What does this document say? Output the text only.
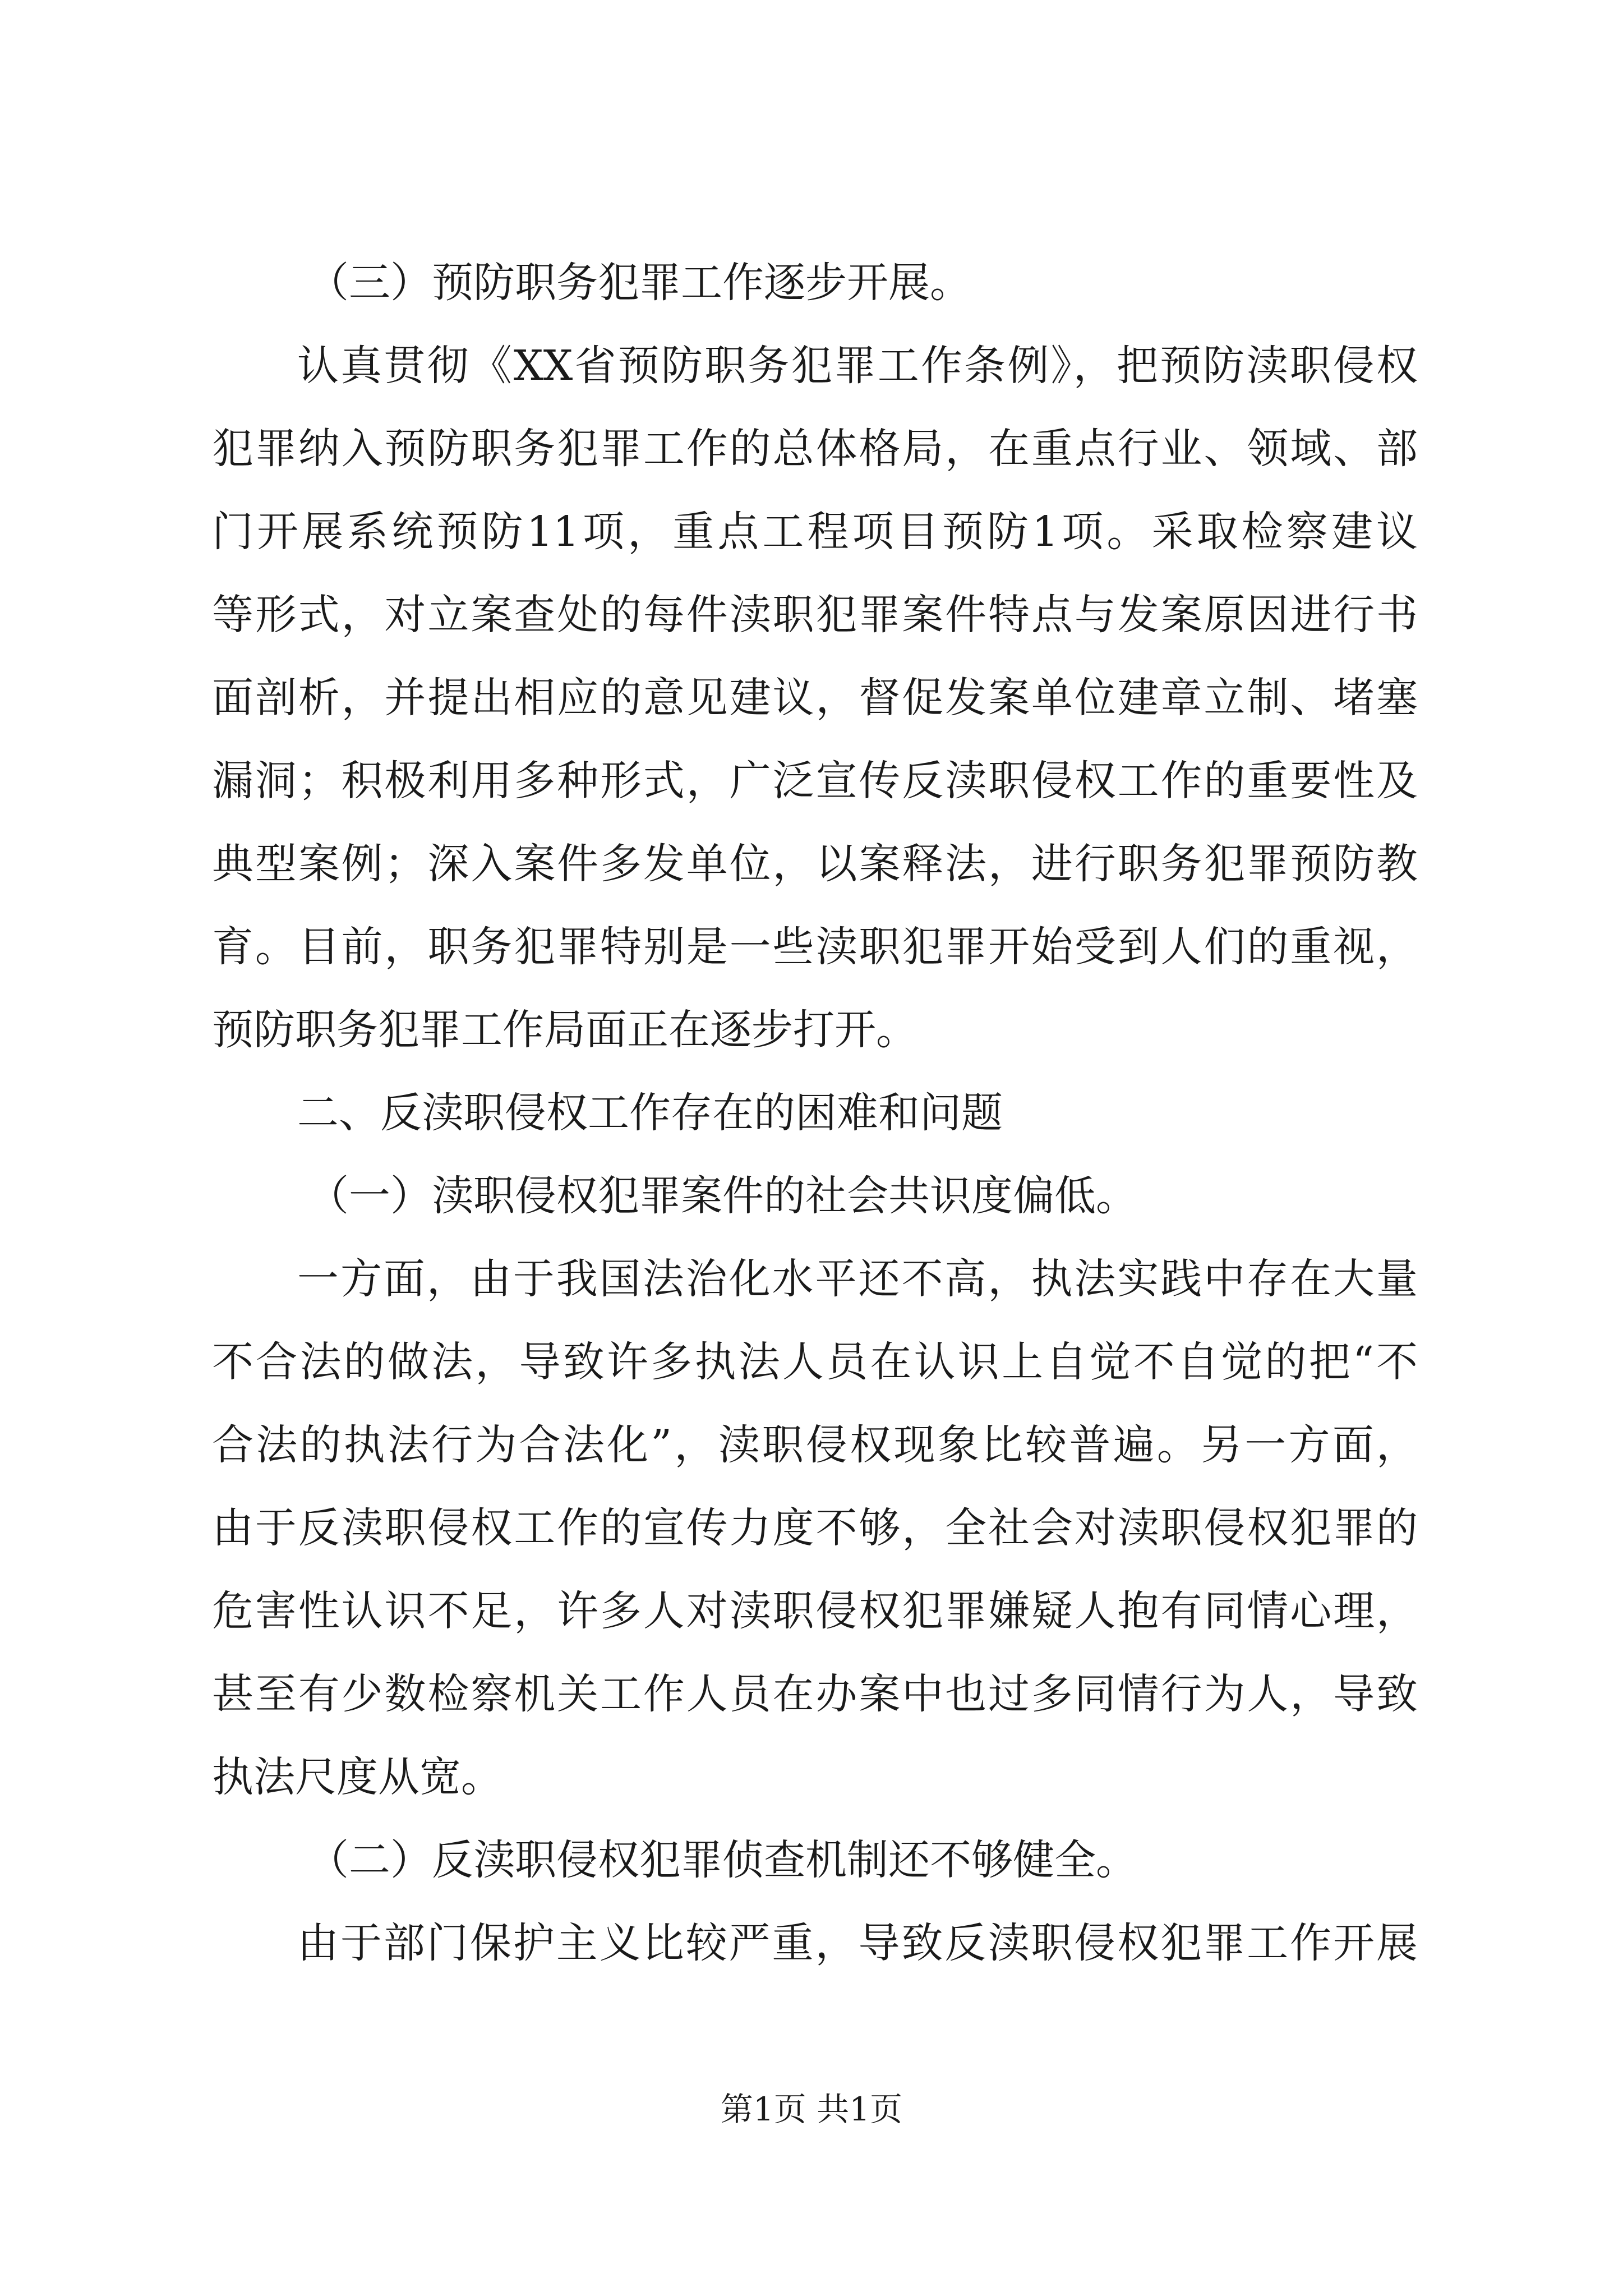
（三）预防职务犯罪工作逐步开展。
认真贯彻《XX省预防职务犯罪工作条例》，把预防渎职侵权
犯罪纳入预防职务犯罪工作的总体格局，在重点行业、领域、部
门开展系统预防11项，重点工程项目预防1项。采取检察建议
等形式，对立案查处的每件渎职犯罪案件特点与发案原因进行书
面剖析，并提出相应的意见建议，督促发案单位建章立制、堵塞
漏洞；积极利用多种形式，广泛宣传反渎职侵权工作的重要性及
典型案例；深入案件多发单位，以案释法，进行职务犯罪预防教
育。目前，职务犯罪特别是一些渎职犯罪开始受到人们的重视，
预防职务犯罪工作局面正在逐步打开。
二、反渎职侵权工作存在的困难和问题
（一）渎职侵权犯罪案件的社会共识度偏低。
一方面，由于我国法治化水平还不高，执法实践中存在大量
不合法的做法，导致许多执法人员在认识上自觉不自觉的把“不
合法的执法行为合法化”，渎职侵权现象比较普遍。另一方面，
由于反渎职侵权工作的宣传力度不够，全社会对渎职侵权犯罪的
危害性认识不足，许多人对渎职侵权犯罪嫌疑人抱有同情心理，
甚至有少数检察机关工作人员在办案中也过多同情行为人，导致
执法尺度从宽。
（二）反渎职侵权犯罪侦查机制还不够健全。
由于部门保护主义比较严重，导致反渎职侵权犯罪工作开展
第1页 共1页
